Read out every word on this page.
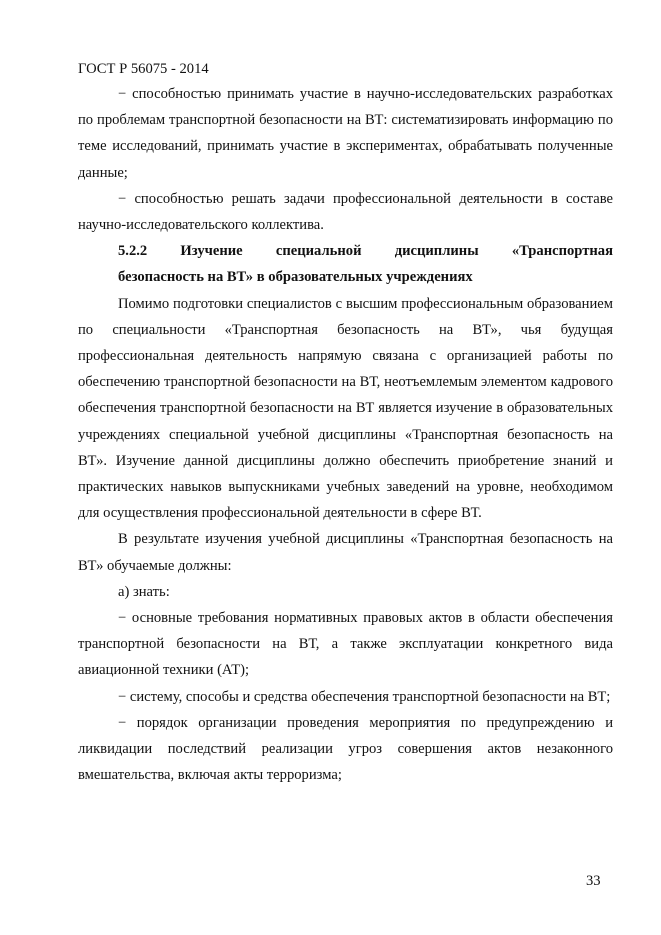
ГОСТ Р 56075 - 2014

− способностью принимать участие в научно-исследовательских разработках по проблемам транспортной безопасности на ВТ: систематизировать информацию по теме исследований, принимать участие в экспериментах, обрабатывать полученные данные;

− способностью решать задачи профессиональной деятельности в составе научно-исследовательского коллектива.

5.2.2 Изучение специальной дисциплины «Транспортная
безопасность на ВТ» в образовательных учреждениях

Помимо подготовки специалистов с высшим профессиональным образованием по специальности «Транспортная безопасность на ВТ», чья будущая профессиональная деятельность напрямую связана с организацией работы по обеспечению транспортной безопасности на ВТ, неотъемлемым элементом кадрового обеспечения транспортной безопасности на ВТ является изучение в образовательных учреждениях специальной учебной дисциплины «Транспортная безопасность на ВТ». Изучение данной дисциплины должно обеспечить приобретение знаний и практических навыков выпускниками учебных заведений на уровне, необходимом для осуществления профессиональной деятельности в сфере ВТ.

В результате изучения учебной дисциплины «Транспортная безопасность на ВТ» обучаемые должны:

а) знать:

− основные требования нормативных правовых актов в области обеспечения транспортной безопасности на ВТ, а также эксплуатации конкретного вида авиационной техники (АТ);

− систему, способы и средства обеспечения транспортной безопасности на ВТ;

− порядок организации проведения мероприятия по предупреждению и ликвидации последствий реализации угроз совершения актов незаконного вмешательства, включая акты терроризма;

33
